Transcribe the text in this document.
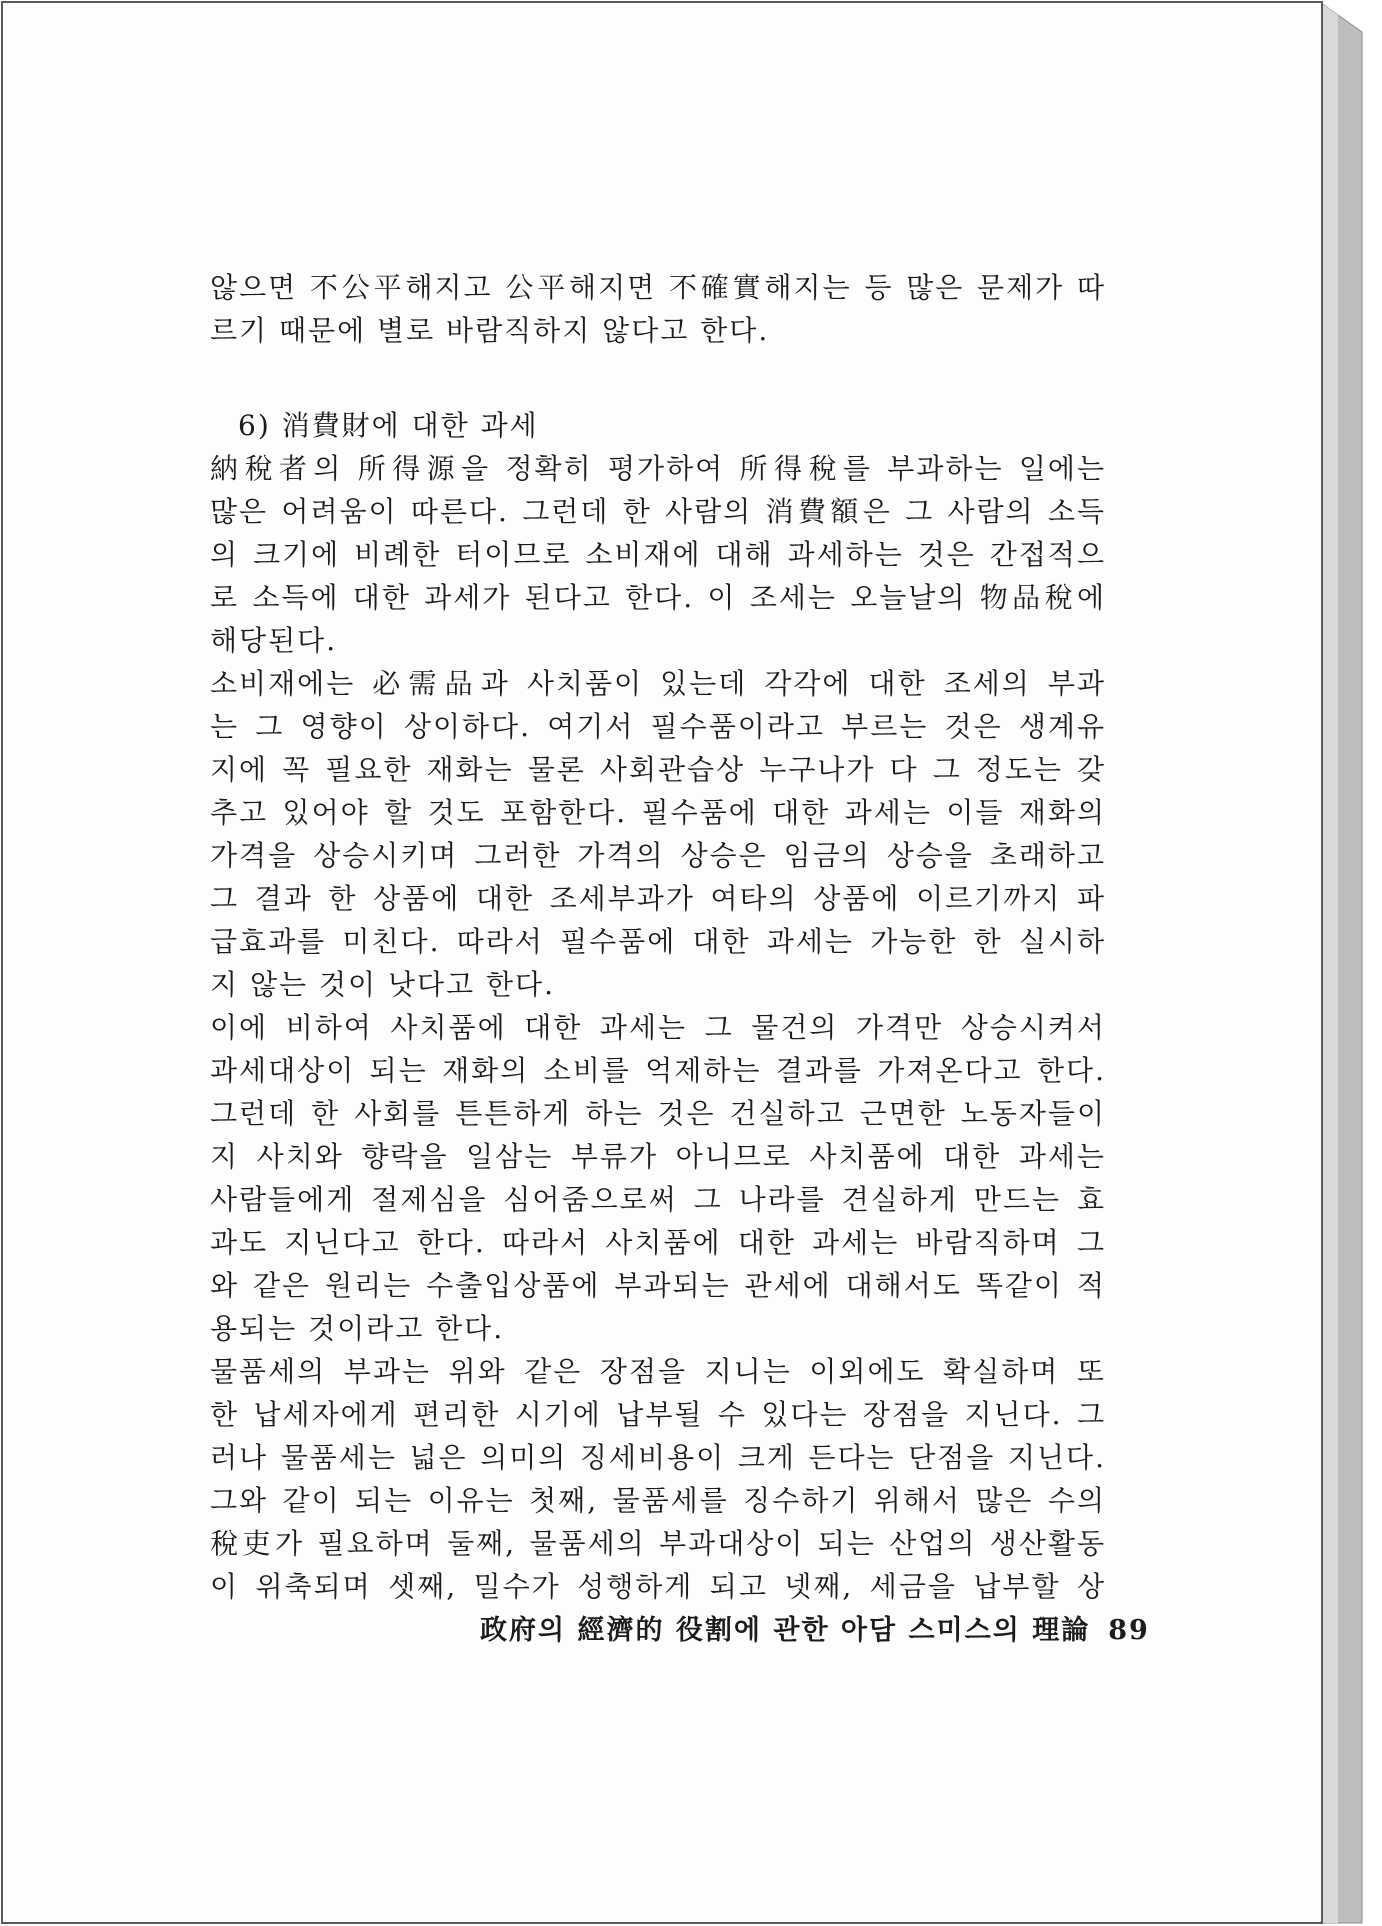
않으면 不公平해지고 公平해지면 不確實해지는 등 많은 문제가 따
르기 때문에 별로 바람직하지 않다고 한다.
6) 消費財에 대한 과세
納稅者의 所得源을 정확히 평가하여 所得稅를 부과하는 일에는
많은 어려움이 따른다. 그런데 한 사람의 消費額은 그 사람의 소득
의 크기에 비례한 터이므로 소비재에 대해 과세하는 것은 간접적으
로 소득에 대한 과세가 된다고 한다. 이 조세는 오늘날의 物品稅에
해당된다.
소비재에는 必需品과 사치품이 있는데 각각에 대한 조세의 부과
는 그 영향이 상이하다. 여기서 필수품이라고 부르는 것은 생계유
지에 꼭 필요한 재화는 물론 사회관습상 누구나가 다 그 정도는 갖
추고 있어야 할 것도 포함한다. 필수품에 대한 과세는 이들 재화의
가격을 상승시키며 그러한 가격의 상승은 임금의 상승을 초래하고
그 결과 한 상품에 대한 조세부과가 여타의 상품에 이르기까지 파
급효과를 미친다. 따라서 필수품에 대한 과세는 가능한 한 실시하
지 않는 것이 낫다고 한다.
이에 비하여 사치품에 대한 과세는 그 물건의 가격만 상승시켜서
과세대상이 되는 재화의 소비를 억제하는 결과를 가져온다고 한다.
그런데 한 사회를 튼튼하게 하는 것은 건실하고 근면한 노동자들이
지 사치와 향락을 일삼는 부류가 아니므로 사치품에 대한 과세는
사람들에게 절제심을 심어줌으로써 그 나라를 견실하게 만드는 효
과도 지닌다고 한다. 따라서 사치품에 대한 과세는 바람직하며 그
와 같은 원리는 수출입상품에 부과되는 관세에 대해서도 똑같이 적
용되는 것이라고 한다.
물품세의 부과는 위와 같은 장점을 지니는 이외에도 확실하며 또
한 납세자에게 편리한 시기에 납부될 수 있다는 장점을 지닌다. 그
러나 물품세는 넓은 의미의 징세비용이 크게 든다는 단점을 지닌다.
그와 같이 되는 이유는 첫째, 물품세를 징수하기 위해서 많은 수의
稅吏가 필요하며 둘째, 물품세의 부과대상이 되는 산업의 생산활동
이 위축되며 셋째, 밀수가 성행하게 되고 넷째, 세금을 납부할 상
政府의 經濟的 役割에 관한 아담 스미스의 理論 89
